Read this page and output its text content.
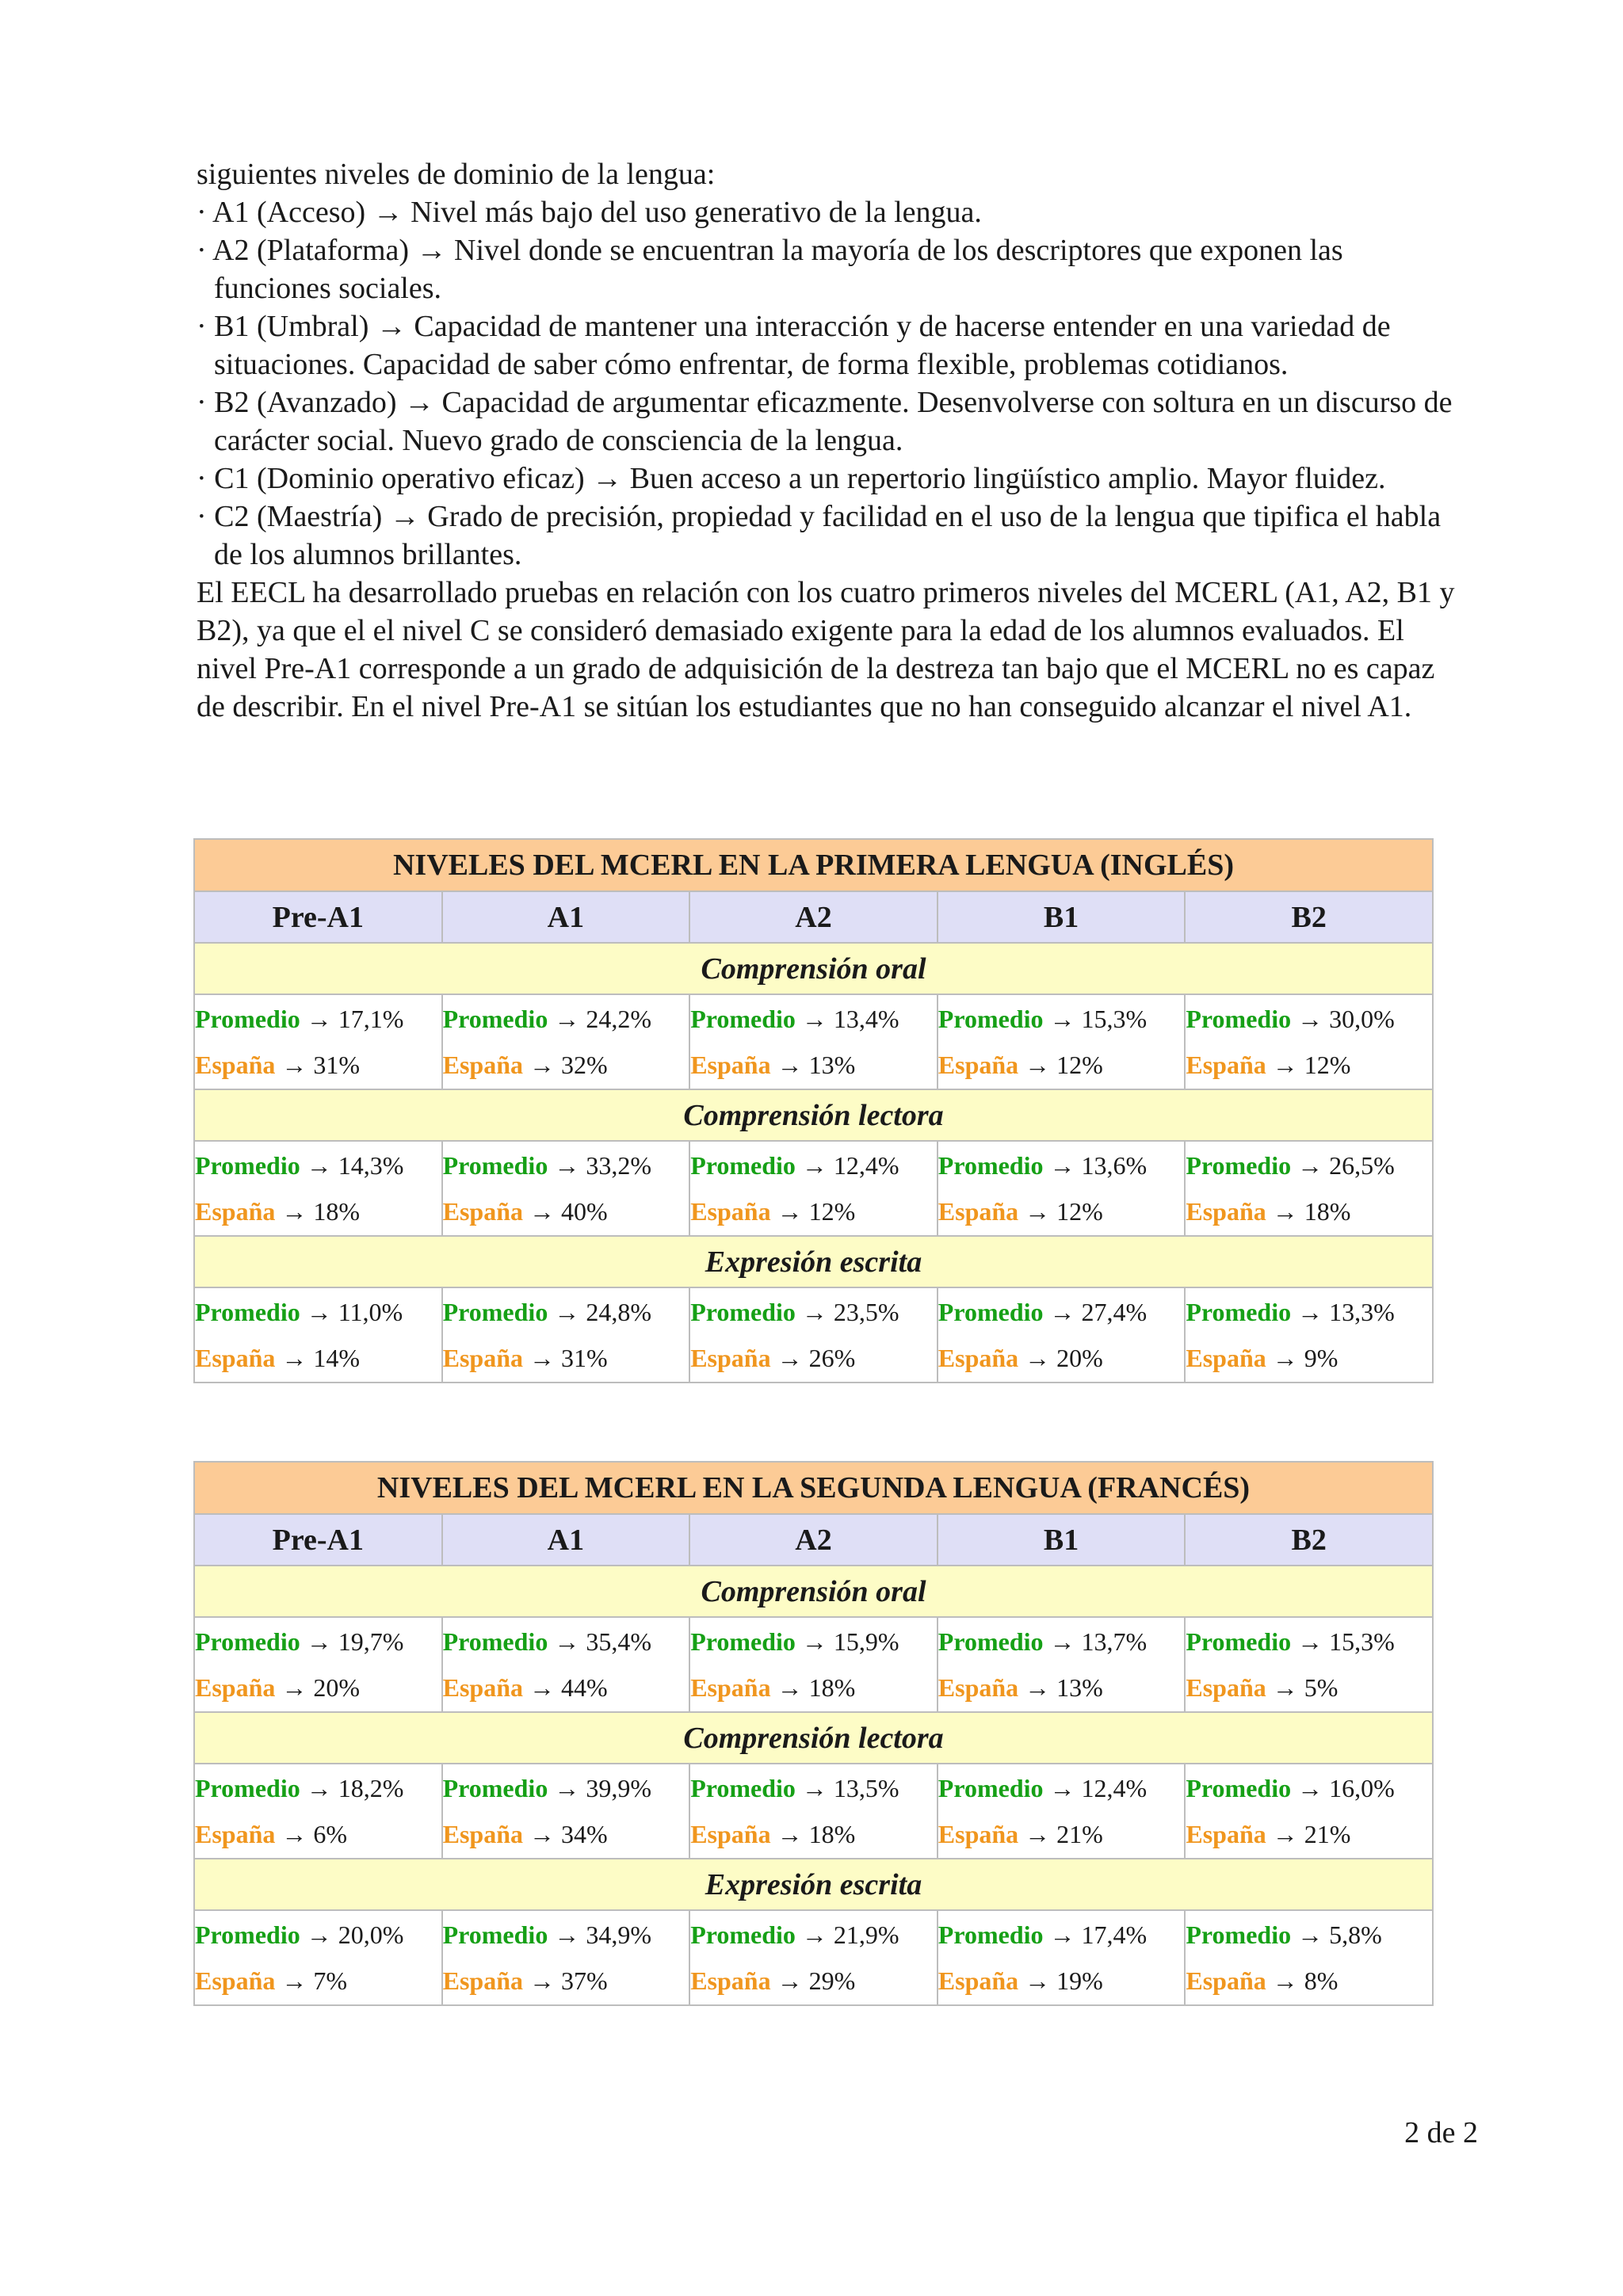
siguientes niveles de dominio de la lengua:

· A1 (Acceso) → Nivel más bajo del uso generativo de la lengua.

· A2 (Plataforma) → Nivel donde se encuentran la mayoría de los descriptores que exponen las funciones sociales.

· B1 (Umbral) → Capacidad de mantener una interacción y de hacerse entender en una variedad de situaciones. Capacidad de saber cómo enfrentar, de forma flexible, problemas cotidianos.

· B2 (Avanzado) → Capacidad de argumentar eficazmente. Desenvolverse con soltura en un discurso de carácter social. Nuevo grado de consciencia de la lengua.

· C1 (Dominio operativo eficaz) → Buen acceso a un repertorio lingüístico amplio. Mayor fluidez.

· C2 (Maestría) → Grado de precisión, propiedad y facilidad en el uso de la lengua que tipifica el habla de los alumnos brillantes.

El EECL ha desarrollado pruebas en relación con los cuatro primeros niveles del MCERL (A1, A2, B1 y B2), ya que el el nivel C se consideró demasiado exigente para la edad de los alumnos evaluados. El nivel Pre-A1 corresponde a un grado de adquisición de la destreza tan bajo que el MCERL no es capaz de describir. En el nivel Pre-A1 se sitúan los estudiantes que no han conseguido alcanzar el nivel A1.

NIVELES DEL MCERL EN LA PRIMERA LENGUA (INGLÉS)				
Pre-A1	A1	A2	B1	B2
Comprensión oral				

Promedio → 17,1%
España → 31%	Promedio → 24,2%
España → 32%	Promedio → 13,4%
España → 13%	Promedio → 15,3%
España → 12%	Promedio → 30,0%
España → 12%

Comprensión lectora				

Promedio → 14,3%
España → 18%	Promedio → 33,2%
España → 40%	Promedio → 12,4%
España → 12%	Promedio → 13,6%
España → 12%	Promedio → 26,5%
España → 18%

Expresión escrita				

Promedio → 11,0%
España → 14%	Promedio → 24,8%
España → 31%	Promedio → 23,5%
España → 26%	Promedio → 27,4%
España → 20%	Promedio → 13,3%
España → 9%
NIVELES DEL MCERL EN LA SEGUNDA LENGUA (FRANCÉS)				
Pre-A1	A1	A2	B1	B2
Comprensión oral				

Promedio → 19,7%
España → 20%	Promedio → 35,4%
España → 44%	Promedio → 15,9%
España → 18%	Promedio → 13,7%
España → 13%	Promedio → 15,3%
España → 5%

Comprensión lectora				

Promedio → 18,2%
España → 6%	Promedio → 39,9%
España → 34%	Promedio → 13,5%
España → 18%	Promedio → 12,4%
España → 21%	Promedio → 16,0%
España → 21%

Expresión escrita				

Promedio → 20,0%
España → 7%	Promedio → 34,9%
España → 37%	Promedio → 21,9%
España → 29%	Promedio → 17,4%
España → 19%	Promedio → 5,8%
España → 8%
2 de 2
